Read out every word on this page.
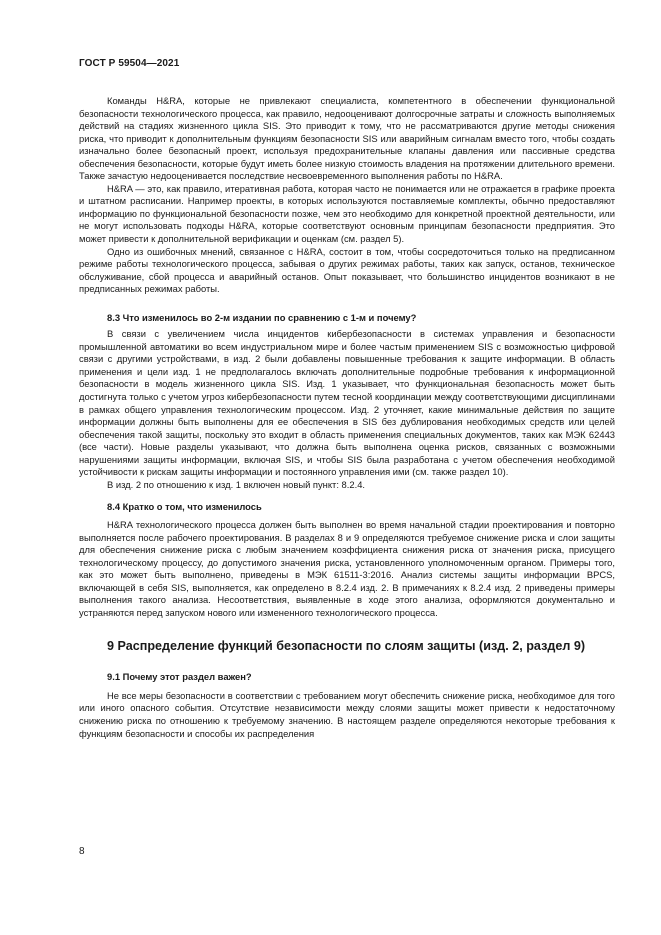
ГОСТ Р 59504—2021

Команды H&RA, которые не привлекают специалиста, компетентного в обеспечении функциональной безопасности технологического процесса, как правило, недооценивают долгосрочные затраты и сложность выполняемых действий на стадиях жизненного цикла SIS. Это приводит к тому, что не рассматриваются другие методы снижения риска, что приводит к дополнительным функциям безопасности SIS или аварийным сигналам вместо того, чтобы создать изначально более безопасный проект, используя предохранительные клапаны давления или пассивные средства обеспечения безопасности, которые будут иметь более низкую стоимость владения на протяжении длительного времени. Также зачастую недооценивается последствие несвоевременного выполнения работы по H&RA.

H&RA — это, как правило, итеративная работа, которая часто не понимается или не отражается в графике проекта и штатном расписании. Например проекты, в которых используются поставляемые комплекты, обычно предоставляют информацию по функциональной безопасности позже, чем это необходимо для конкретной проектной деятельности, или не могут использовать подходы H&RA, которые соответствуют основным принципам безопасности предприятия. Это может привести к дополнительной верификации и оценкам (см. раздел 5).

Одно из ошибочных мнений, связанное с H&RA, состоит в том, чтобы сосредоточиться только на предписанном режиме работы технологического процесса, забывая о других режимах работы, таких как запуск, останов, техническое обслуживание, сбой процесса и аварийный останов. Опыт показывает, что большинство инцидентов возникают в не предписанных режимах работы.

8.3 Что изменилось во 2-м издании по сравнению с 1-м и почему?

В связи с увеличением числа инцидентов кибербезопасности в системах управления и безопасности промышленной автоматики во всем индустриальном мире и более частым применением SIS с возможностью цифровой связи с другими устройствами, в изд. 2 были добавлены повышенные требования к защите информации. В область применения и цели изд. 1 не предполагалось включать дополнительные подробные требования к информационной безопасности в модель жизненного цикла SIS. Изд. 1 указывает, что функциональная безопасность может быть достигнута только с учетом угроз кибербезопасности путем тесной координации между соответствующими дисциплинами в рамках общего управления технологическим процессом. Изд. 2 уточняет, какие минимальные действия по защите информации должны быть выполнены для ее обеспечения в SIS без дублирования необходимых средств или целей обеспечения такой защиты, поскольку это входит в область применения специальных документов, таких как МЭК 62443 (все части). Новые разделы указывают, что должна быть выполнена оценка рисков, связанных с возможными нарушениями защиты информации, включая SIS, и чтобы SIS была разработана с учетом обеспечения необходимой устойчивости к рискам защиты информации и постоянного управления ими (см. также раздел 10).

В изд. 2 по отношению к изд. 1 включен новый пункт: 8.2.4.

8.4 Кратко о том, что изменилось

H&RA технологического процесса должен быть выполнен во время начальной стадии проектирования и повторно выполняется после рабочего проектирования. В разделах 8 и 9 определяются требуемое снижение риска и слои защиты для обеспечения снижение риска с любым значением коэффициента снижения риска от значения риска, присущего технологическому процессу, до допустимого значения риска, установленного уполномоченным органом. Примеры того, как это может быть выполнено, приведены в МЭК 61511-3:2016. Анализ системы защиты информации BPCS, включающей в себя SIS, выполняется, как определено в 8.2.4 изд. 2. В примечаниях к 8.2.4 изд. 2 приведены примеры выполнения такого анализа. Несоответствия, выявленные в ходе этого анализа, оформляются документально и устраняются перед запуском нового или измененного технологического процесса.

9 Распределение функций безопасности по слоям защиты (изд. 2, раздел 9)

9.1 Почему этот раздел важен?

Не все меры безопасности в соответствии с требованием могут обеспечить снижение риска, необходимое для того или иного опасного события. Отсутствие независимости между слоями защиты может привести к недостаточному снижению риска по отношению к требуемому значению. В настоящем разделе определяются некоторые требования к функциям безопасности и способы их распределения

8
